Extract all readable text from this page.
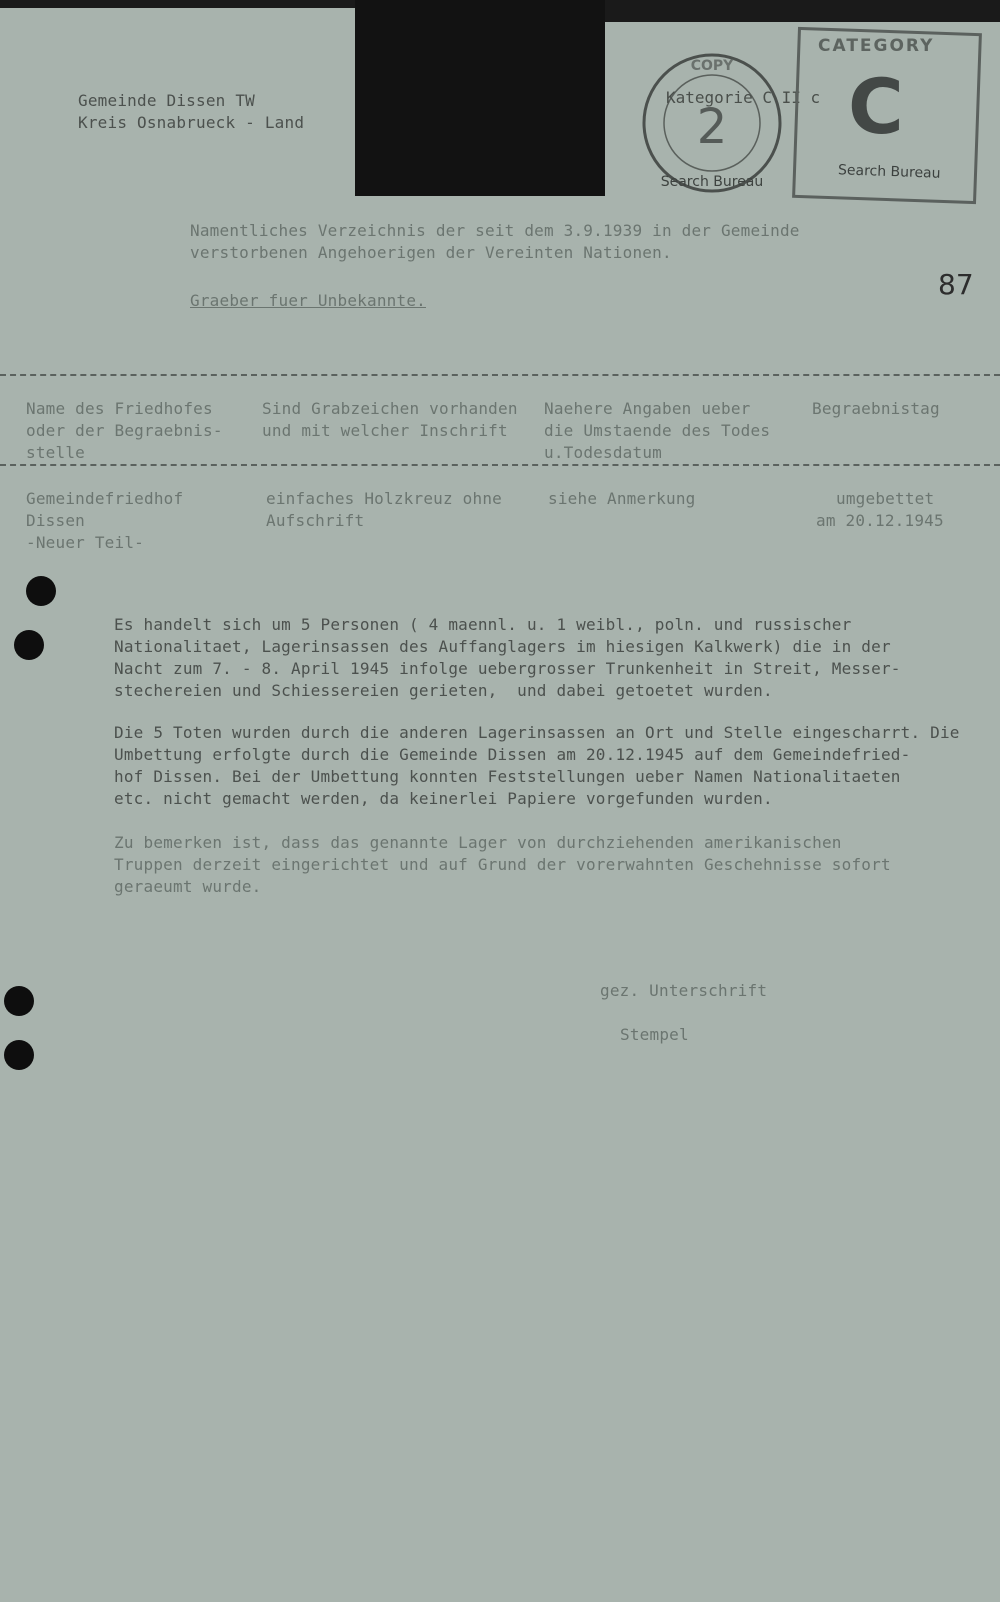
Gemeinde Dissen TW
Kreis Osnabrueck - Land
COPY
2
Search Bureau
Kategorie C II c
CATEGORY
C
Search Bureau
Namentliches Verzeichnis der seit dem 3.9.1939 in der Gemeinde
verstorbenen Angehoerigen der Vereinten Nationen.
87
Graeber fuer Unbekannte.
Name des Friedhofes
oder der Begraebnis-
stelle
Sind Grabzeichen vorhanden
und mit welcher Inschrift
Naehere Angaben ueber
die Umstaende des Todes
u.Todesdatum
Begraebnistag
Gemeindefriedhof
Dissen
-Neuer Teil-
einfaches Holzkreuz ohne
Aufschrift
siehe Anmerkung	umgebettet
am 20.12.1945
Es handelt sich um 5 Personen ( 4 maennl. u. 1 weibl., poln. und russischer
Nationalitaet, Lagerinsassen des Auffanglagers im hiesigen Kalkwerk) die in der
Nacht zum 7. - 8. April 1945 infolge uebergrosser Trunkenheit in Streit, Messer-
stechereien und Schiessereien gerieten,  und dabei getoetet wurden.
Die 5 Toten wurden durch die anderen Lagerinsassen an Ort und Stelle eingescharrt. Die
Umbettung erfolgte durch die Gemeinde Dissen am 20.12.1945 auf dem Gemeindefried-
hof Dissen. Bei der Umbettung konnten Feststellungen ueber Namen Nationalitaeten
etc. nicht gemacht werden, da keinerlei Papiere vorgefunden wurden.
Zu bemerken ist, dass das genannte Lager von durchziehenden amerikanischen
Truppen derzeit eingerichtet und auf Grund der vorerwahnten Geschehnisse sofort
geraeumt wurde.
gez. Unterschrift
Stempel
